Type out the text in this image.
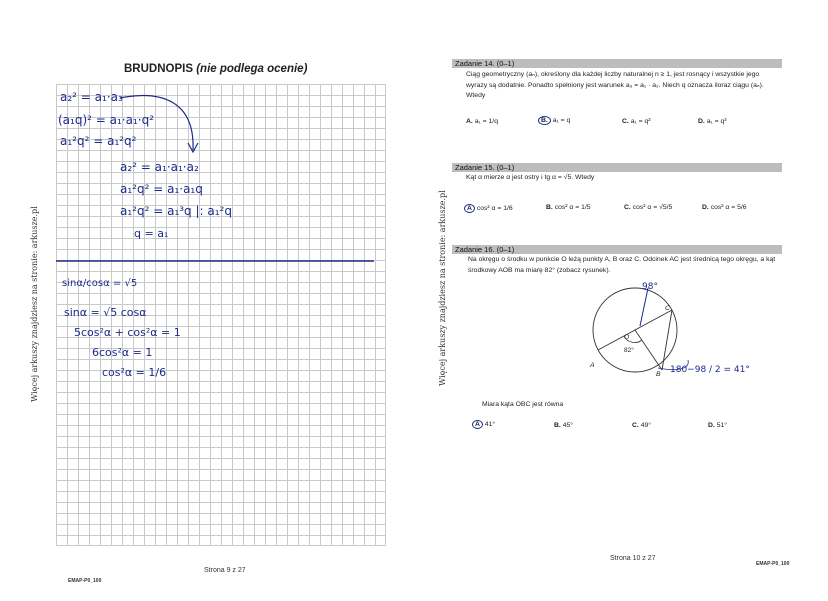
Więcej arkuszy znajdziesz na stronie: arkusze.pl
BRUDNOPIS (nie podlega ocenie)
a₂² = a₁·a₃
(a₁q)² = a₁·a₁·q²
a₁²q² = a₁²q²
a₂² = a₁·a₁·a₂
a₁²q² = a₁·a₁q
a₁²q² = a₁³q |: a₁²q
q = a₁
sinα/cosα = √5
sinα = √5 cosα
5cos²α + cos²α = 1
6cos²α = 1
cos²α = 1/6
Strona 9 z 27
EMAP-P0_100
Więcej arkuszy znajdziesz na stronie: arkusze.pl
Zadanie 14. (0–1)
Ciąg geometryczny (aₙ), określony dla każdej liczby naturalnej n ≥ 1, jest rosnący i wszystkie jego wyrazy są dodatnie. Ponadto spełniony jest warunek a₃ = a₁ · a₂. Niech q oznacza iloraz ciągu (aₙ). Wtedy
A. a₁ = 1/q	B. a₁ = q	C. a₁ = q²	D. a₁ = q³
Zadanie 15. (0–1)
Kąt α mierze α jest ostry i tg α = √5. Wtedy
A cos² α = 1/6	B. cos² α = 1/5	C. cos² α = √5/5	D. cos² α = 5/6
Zadanie 16. (0–1)
Na okręgu o środku w punkcie O leżą punkty A, B oraz C. Odcinek AC jest średnicą tego okręgu, a kąt środkowy AOB ma miarę 82° (zobacz rysunek).
98°
C
O
82°
A
B 180−98 / 2 = 41°
Miara kąta OBC jest równa
A 41°	B. 45°	C. 49°	D. 51°
Strona 10 z 27
EMAP-P0_100
